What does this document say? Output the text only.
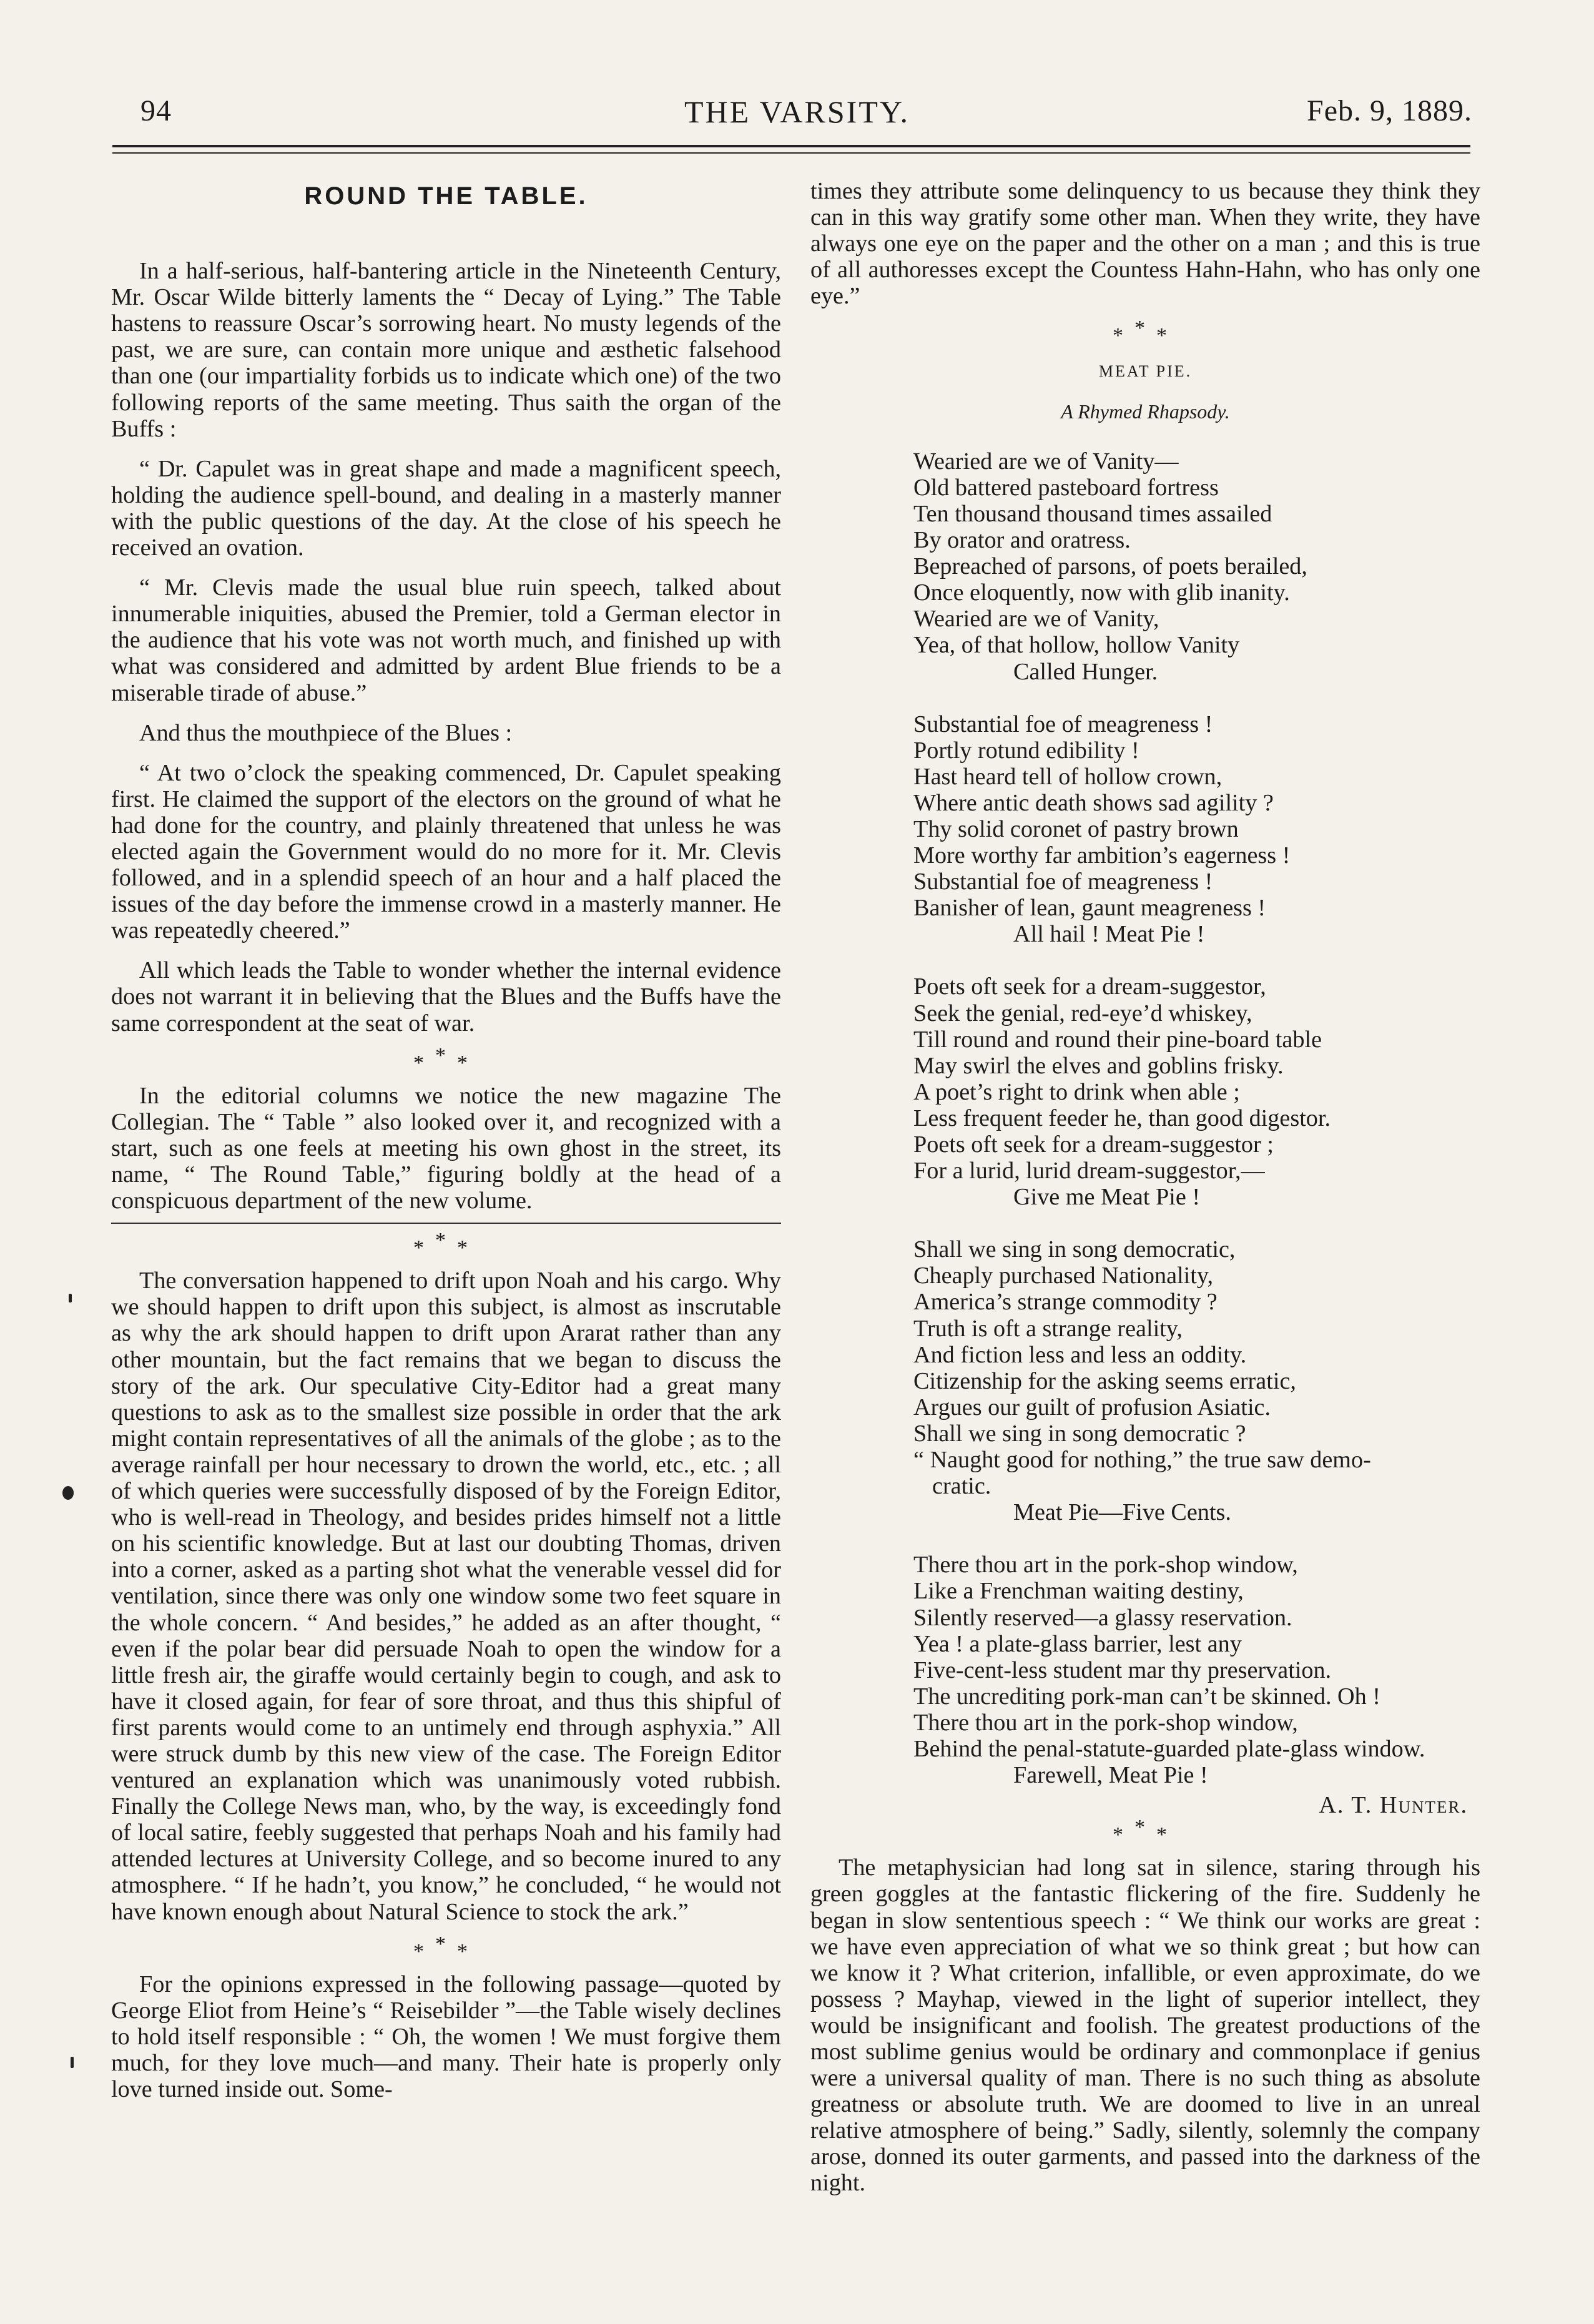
94	THE VARSITY.	Feb. 9, 1889.
ROUND THE TABLE.

In a half-serious, half-bantering article in the Nineteenth Century, Mr. Oscar Wilde bitterly laments the “ Decay of Lying.” The Table hastens to reassure Oscar’s sorrowing heart. No musty legends of the past, we are sure, can contain more unique and æsthetic falsehood than one (our impartiality forbids us to indicate which one) of the two following reports of the same meeting. Thus saith the organ of the Buffs :

“ Dr. Capulet was in great shape and made a magnificent speech, holding the audience spell-bound, and dealing in a masterly manner with the public questions of the day. At the close of his speech he received an ovation.

“ Mr. Clevis made the usual blue ruin speech, talked about innumerable iniquities, abused the Premier, told a German elector in the audience that his vote was not worth much, and finished up with what was considered and admitted by ardent Blue friends to be a miserable tirade of abuse.”

And thus the mouthpiece of the Blues :

“ At two o’clock the speaking commenced, Dr. Capulet speaking first. He claimed the support of the electors on the ground of what he had done for the country, and plainly threatened that unless he was elected again the Government would do no more for it. Mr. Clevis followed, and in a splendid speech of an hour and a half placed the issues of the day before the immense crowd in a masterly manner. He was repeatedly cheered.”

All which leads the Table to wonder whether the internal evidence does not warrant it in believing that the Blues and the Buffs have the same correspondent at the seat of war.

***

In the editorial columns we notice the new magazine The Collegian. The “ Table ” also looked over it, and recognized with a start, such as one feels at meeting his own ghost in the street, its name, “ The Round Table,” figuring boldly at the head of a conspicuous department of the new volume.

***

The conversation happened to drift upon Noah and his cargo. Why we should happen to drift upon this subject, is almost as inscrutable as why the ark should happen to drift upon Ararat rather than any other mountain, but the fact remains that we began to discuss the story of the ark. Our speculative City-Editor had a great many questions to ask as to the smallest size possible in order that the ark might contain representatives of all the animals of the globe ; as to the average rainfall per hour necessary to drown the world, etc., etc. ; all of which queries were successfully disposed of by the Foreign Editor, who is well-read in Theology, and besides prides himself not a little on his scientific knowledge. But at last our doubting Thomas, driven into a corner, asked as a parting shot what the venerable vessel did for ventilation, since there was only one window some two feet square in the whole concern. “ And besides,” he added as an after thought, “ even if the polar bear did persuade Noah to open the window for a little fresh air, the giraffe would certainly begin to cough, and ask to have it closed again, for fear of sore throat, and thus this shipful of first parents would come to an untimely end through asphyxia.” All were struck dumb by this new view of the case. The Foreign Editor ventured an explanation which was unanimously voted rubbish. Finally the College News man, who, by the way, is exceedingly fond of local satire, feebly suggested that perhaps Noah and his family had attended lectures at University College, and so become inured to any atmosphere. “ If he hadn’t, you know,” he concluded, “ he would not have known enough about Natural Science to stock the ark.”

***

For the opinions expressed in the following passage—quoted by George Eliot from Heine’s “ Reisebilder ”—the Table wisely declines to hold itself responsible : “ Oh, the women ! We must forgive them much, for they love much—and many. Their hate is properly only love turned inside out. Some-

times they attribute some delinquency to us because they think they can in this way gratify some other man. When they write, they have always one eye on the paper and the other on a man ; and this is true of all authoresses except the Countess Hahn-Hahn, who has only one eye.”

***
MEAT PIE.
A Rhymed Rhapsody.
Wearied are we of Vanity—
Old battered pasteboard fortress
Ten thousand thousand times assailed
By orator and oratress.
Bepreached of parsons, of poets berailed,
Once eloquently, now with glib inanity.
Wearied are we of Vanity,
Yea, of that hollow, hollow Vanity
Called Hunger.
Substantial foe of meagreness !
Portly rotund edibility !
Hast heard tell of hollow crown,
Where antic death shows sad agility ?
Thy solid coronet of pastry brown
More worthy far ambition’s eagerness !
Substantial foe of meagreness !
Banisher of lean, gaunt meagreness !
All hail ! Meat Pie !
Poets oft seek for a dream-suggestor,
Seek the genial, red-eye’d whiskey,
Till round and round their pine-board table
May swirl the elves and goblins frisky.
A poet’s right to drink when able ;
Less frequent feeder he, than good digestor.
Poets oft seek for a dream-suggestor ;
For a lurid, lurid dream-suggestor,—
Give me Meat Pie !
Shall we sing in song democratic,
Cheaply purchased Nationality,
America’s strange commodity ?
Truth is oft a strange reality,
And fiction less and less an oddity.
Citizenship for the asking seems erratic,
Argues our guilt of profusion Asiatic.
Shall we sing in song democratic ?
“ Naught good for nothing,” the true saw demo-
cratic.
Meat Pie—Five Cents.
There thou art in the pork-shop window,
Like a Frenchman waiting destiny,
Silently reserved—a glassy reservation.
Yea ! a plate-glass barrier, lest any
Five-cent-less student mar thy preservation.
The uncrediting pork-man can’t be skinned. Oh !
There thou art in the pork-shop window,
Behind the penal-statute-guarded plate-glass window.
Farewell, Meat Pie !
A. T. Hunter.
***

The metaphysician had long sat in silence, staring through his green goggles at the fantastic flickering of the fire. Suddenly he began in slow sententious speech : “ We think our works are great : we have even appreciation of what we so think great ; but how can we know it ? What criterion, infallible, or even approximate, do we possess ? Mayhap, viewed in the light of superior intellect, they would be insignificant and foolish. The greatest productions of the most sublime genius would be ordinary and commonplace if genius were a universal quality of man. There is no such thing as absolute greatness or absolute truth. We are doomed to live in an unreal relative atmosphere of being.” Sadly, silently, solemnly the company arose, donned its outer garments, and passed into the darkness of the night.
